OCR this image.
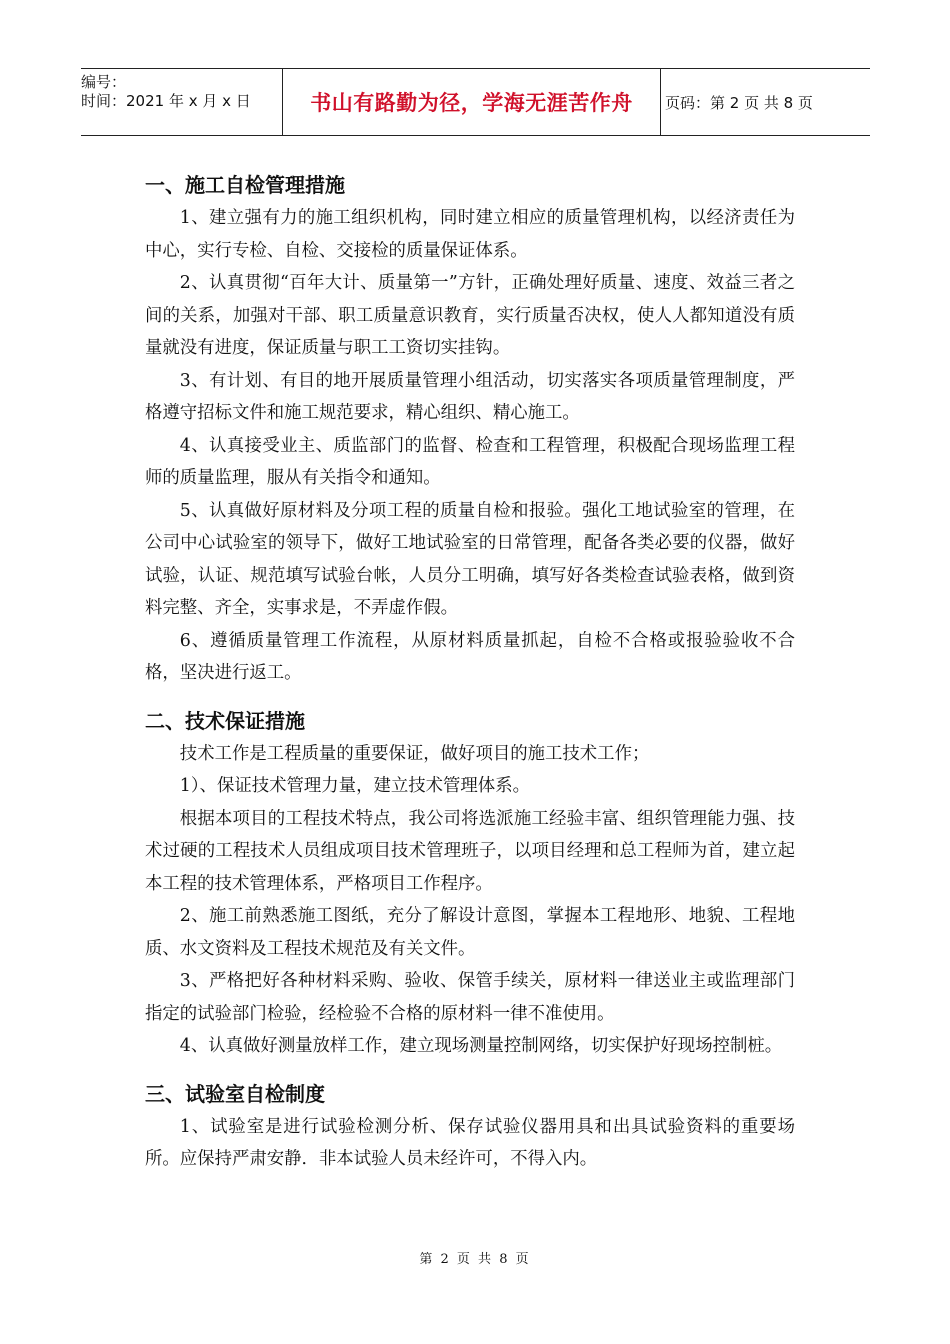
编号：
时间：2021 年 x 月 x 日	书山有路勤为径，学海无涯苦作舟	页码：第 2 页 共 8 页
一、施工自检管理措施

1、建立强有力的施工组织机构，同时建立相应的质量管理机构，以经济责任为中心，实行专检、自检、交接检的质量保证体系。

2、认真贯彻“百年大计、质量第一”方针，正确处理好质量、速度、效益三者之间的关系，加强对干部、职工质量意识教育，实行质量否决权，使人人都知道没有质量就没有进度，保证质量与职工工资切实挂钩。

3、有计划、有目的地开展质量管理小组活动，切实落实各项质量管理制度，严格遵守招标文件和施工规范要求，精心组织、精心施工。

4、认真接受业主、质监部门的监督、检查和工程管理，积极配合现场监理工程师的质量监理，服从有关指令和通知。

5、认真做好原材料及分项工程的质量自检和报验。强化工地试验室的管理，在公司中心试验室的领导下，做好工地试验室的日常管理，配备各类必要的仪器，做好试验，认证、规范填写试验台帐，人员分工明确，填写好各类检查试验表格，做到资料完整、齐全，实事求是，不弄虚作假。

6、遵循质量管理工作流程，从原材料质量抓起，自检不合格或报验验收不合格，坚决进行返工。

二、技术保证措施

技术工作是工程质量的重要保证，做好项目的施工技术工作；

1）、保证技术管理力量，建立技术管理体系。

根据本项目的工程技术特点，我公司将选派施工经验丰富、组织管理能力强、技术过硬的工程技术人员组成项目技术管理班子，以项目经理和总工程师为首，建立起本工程的技术管理体系，严格项目工作程序。

2、施工前熟悉施工图纸，充分了解设计意图，掌握本工程地形、地貌、工程地质、水文资料及工程技术规范及有关文件。

3、严格把好各种材料采购、验收、保管手续关，原材料一律送业主或监理部门指定的试验部门检验，经检验不合格的原材料一律不准使用。

4、认真做好测量放样工作，建立现场测量控制网络，切实保护好现场控制桩。

三、试验室自检制度

1、试验室是进行试验检测分析、保存试验仪器用具和出具试验资料的重要场所。应保持严肃安静．非本试验人员未经许可，不得入内。

第 2 页 共 8 页
